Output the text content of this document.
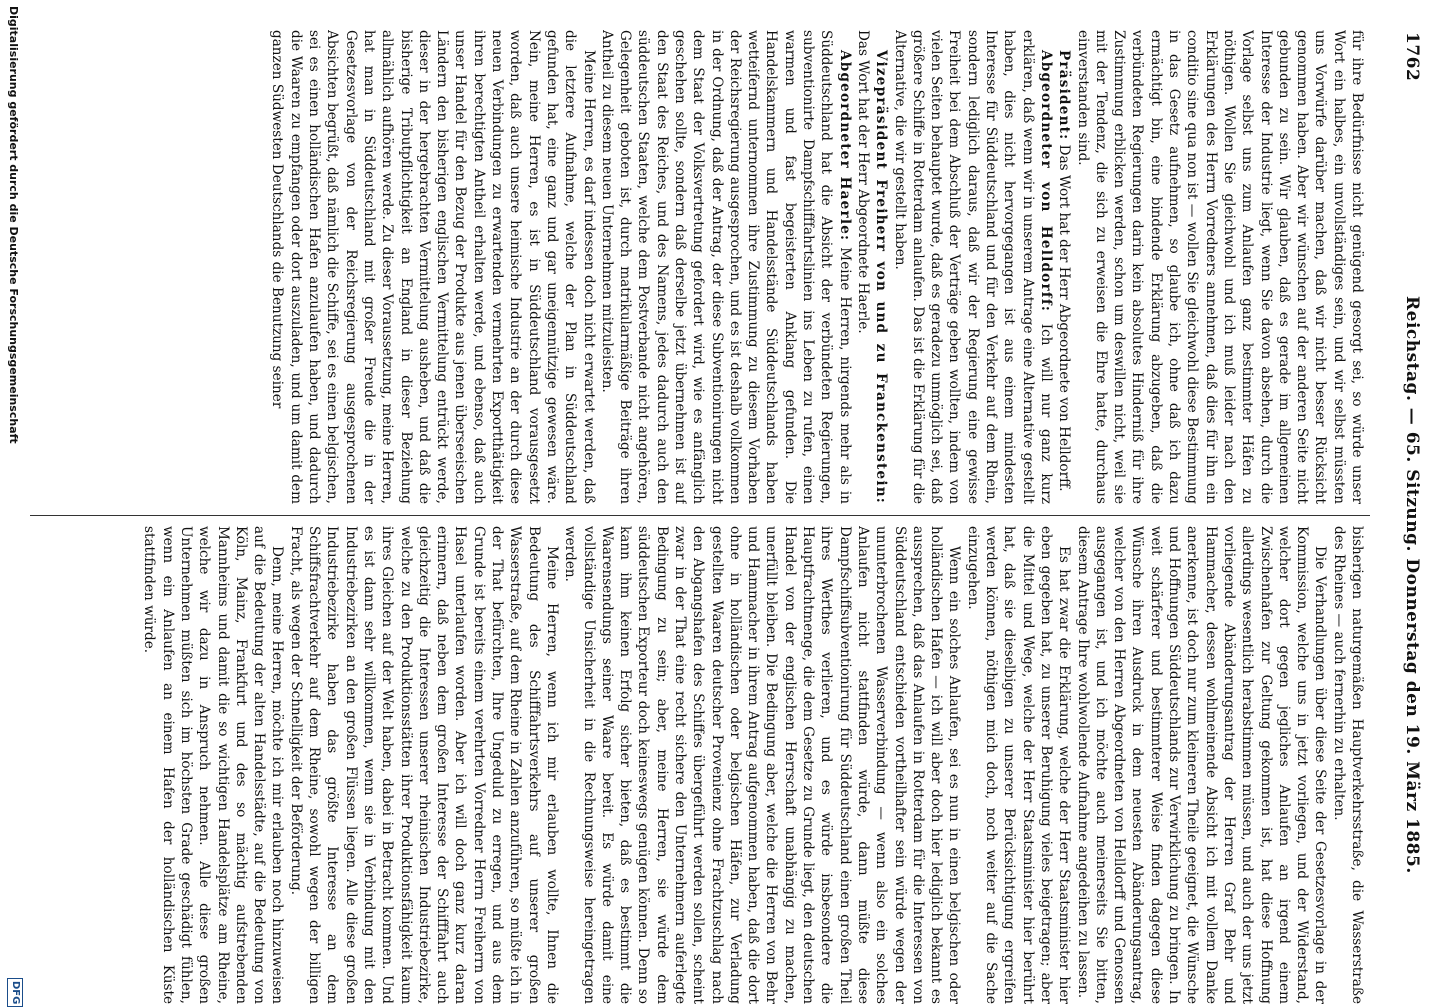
1762
Reichstag. — 65. Sitzung. Donnerstag den 19. März 1885.

für ihre Bedürfnisse nicht genügend gesorgt sei, so würde unser Wort ein halbes, ein unvollständiges sein, und wir selbst müssten uns Vorwürfe darüber machen, daß wir nicht besser Rücksicht genommen haben. Aber wir wünschen auf der anderen Seite nicht gebunden zu sein. Wir glauben, daß es gerade im allgemeinen Interesse der Industrie liegt, wenn Sie davon absehen, durch die Vorlage selbst uns zum Anlaufen ganz bestimmter Häfen zu nöthigen. Wollen Sie gleichwohl und ich muß leider nach den Erklärungen des Herrn Vorredners annehmen, daß dies für ihn ein conditio sine qua non ist — wollen Sie gleichwohl diese Bestimmung in das Gesetz aufnehmen, so glaube ich, ohne daß ich dazu ermächtigt bin, eine bindende Erklärung abzugeben, daß die verbündeten Regierungen darin kein absolutes Hinderniß für ihre Zustimmung erblicken werden, schon um deswillen nicht, weil sie mit der Tendenz, die sich zu erweisen die Ehre hatte, durchaus einverstanden sind.

Präsident: Das Wort hat der Herr Abgeordnete von Helldorff.

Abgeordneter von Helldorff: Ich will nur ganz kurz erklären, daß wenn wir in unserem Antrage eine Alternative gestellt haben, dies nicht hervorgegangen ist aus einem mindesten Interesse für Süddeutschland und für den Verkehr auf dem Rhein, sondern lediglich daraus, daß wir der Regierung eine gewisse Freiheit bei dem Abschluß der Verträge geben wollten, indem von vielen Seiten behauptet wurde, daß es geradezu unmöglich sei, daß größere Schiffe in Rotterdam anlaufen. Das ist die Erklärung für die Alternative, die wir gestellt haben.

Vizepräsident Freiherr von und zu Franckenstein: Das Wort hat der Herr Abgeordnete Haerle.

Abgeordneter Haerle: Meine Herren, nirgends mehr als in Süddeutschland hat die Absicht der verbündeten Regierungen, subventionirte Dampfschifffahrtslinien ins Leben zu rufen, einen warmen und fast begeisterten Anklang gefunden. Die Handelskammern und Handelsstände Süddeutschlands haben wetteifernd unternommen ihre Zustimmung zu diesem Vorhaben der Reichsregierung ausgesprochen, und es ist deshalb vollkommen in der Ordnung, daß der Antrag, der diese Subventionirungen nicht dem Staat der Volksvertretung gefordert wird, wie es anfänglich geschehen sollte, sondern daß derselbe jetzt übernehmen ist auf den Staat des Reiches, und des Namens, jedes dadurch auch den süddeutschen Staaten, welche dem Postverbande nicht angehören, Gelegenheit geboten ist, durch matrikularmäßige Beiträge ihren Antheil zu diesem neuen Unternehmen mitzuleisten.

Meine Herren, es darf indessen doch nicht erwartet werden, daß die letztere Aufnahme, welche der Plan in Süddeutschland gefunden hat, eine ganz und gar uneigennützige gewesen wäre. Nein, meine Herren, es ist in Süddeutschland vorausgesetzt worden, daß auch unsere heimische Industrie an der durch diese neuen Verbindungen zu erwartenden vermehrten Exportthätigkeit ihren berechtigten Antheil erhalten werde, und ebenso, daß auch unser Handel für den Bezug der Produkte aus jenen überseeischen Ländern den bisherigen englischen Vermittelung entrückt werde, dieser in der hergebrachten Vermittelung ausheben, und daß die bisherige Tributpflichtigkeit an England in dieser Beziehung allmählich aufhören werde. Zu dieser Voraussetzung, meine Herren, hat man in Süddeutschland mit großer Freude die in der Gesetzesvorlage von der Reichsregierung ausgesprochenen Absichten begrüßt, daß nämlich die Schiffe, sei es einen belgischen, sei es einen holländischen Hafen anzulaufen haben, und dadurch die Waaren zu empfangen oder dort auszuladen, und um damit dem ganzen Südwesten Deutschlands die Benutzung seiner

bisherigen naturgemäßen Hauptverkehrsstraße, die Wasserstraße des Rheines — auch fernerhin zu erhalten.

Die Verhandlungen über diese Seite der Gesetzesvorlage in der Kommission, welche uns in jetzt vorliegen, und der Widerstand, welcher dort gegen jegliches Anlaufen an irgend einem Zwischenhafen zur Geltung gekommen ist, hat diese Hoffnung allerdings wesentlich herabstimmen müssen, und auch der uns jetzt vorliegende Abänderungsantrag der Herren Graf Behr und Hammacher, dessen wohlmeinende Absicht ich mit vollem Danke anerkenne, ist doch nur zum kleineren Theile geeignet, die Wünsche und Hoffnungen Süddeutschlands zur Verwirklichung zu bringen. In weit schärferer und bestimmterer Weise finden dagegen diese Wünsche ihren Ausdruck in dem neuesten Abänderungsantrag, welcher von den Herren Abgeordneten von Helldorff und Genossen ausgegangen ist, und ich möchte auch meinerseits Sie bitten, diesem Antrage Ihre wohlwollende Aufnahme angedeihen zu lassen.

Es hat zwar die Erklärung, welche der Herr Staatsminister hier eben gegeben hat, zu unserer Beruhigung vieles beigetragen; aber die Mittel und Wege, welche der Herr Staatsminister hier berührt hat, daß sie dieselbigen zu unserer Berücksichtigung ergreifen werden können, nöthigen mich doch, noch weiter auf die Sache einzugehen.

Wenn ein solches Anlaufen, sei es nun in einen belgischen oder holländischen Hafen — ich will aber doch hier lediglich bekannt es aussprechen, daß das Anlaufen in Rotterdam für die Interessen von Süddeutschland entschieden vortheilhafter sein würde wegen der ununterbrochenen Wasserverbindung — wenn also ein solches Anlaufen nicht stattfinden würde, dann müßte diese Dampfschiffsubventionirung für Süddeutschland einen großen Theil ihres Werthes verlieren, und es würde insbesondere die Hauptfrachtmenge, die dem Gesetze zu Grunde liegt, den deutschen Handel von der englischen Herrschaft unabhängig zu machen, unerfüllt bleiben. Die Bedingung aber, welche die Herren von Behr und Hammacher in ihrem Antrag aufgenommen haben, daß die dort ohne in holländischen oder belgischen Häfen, zur Verladung gestellten Waaren deutscher Provenienz ohne Frachtzuschlag nach den Abgangshafen des Schiffes übergeführt werden sollen, scheint zwar in der That eine recht sichere den Unternehmern auferlegte Bedingung zu sein; aber, meine Herren, sie würde dem süddeutschen Exporteur doch keineswegs genügen können. Denn so kann ihm keinen Erfolg sicher bieten, daß es bestimmt die Waarensendungs seiner Waare bereit. Es würde damit eine vollständige Unsicherheit in die Rechnungsweise hereingetragen werden.

Meine Herren, wenn ich mir erlauben wollte, Ihnen die Bedeutung des Schifffahrtsverkehrs auf unserer großen Wasserstraße, auf dem Rheine in Zahlen anzuführen, so müßte ich in der That befürchten, Ihre Ungeduld zu erregen, und aus dem Grunde ist bereits einem verehrten Vorredner Herrn Freiherrn von Hasel unterlaufen worden. Aber ich will doch ganz kurz daran erinnern, daß neben dem großen Interesse der Schifffahrt auch gleichzeitig die Interessen unserer rheinischen Industriebezirke, welche zu den Produktionsstätten ihrer Produktionsfähigkeit kaum ihres Gleichen auf der Welt haben, dabei in Betracht kommen. Und es ist dann sehr willkommen, wenn sie in Verbindung mit den Industriebezirken an den großen Flüssen liegen. Alle diese großen Industriebezirke haben das größte Interesse an dem Schiffsfrachtverkehr auf dem Rheine, sowohl wegen der billigen Fracht, als wegen der Schnelligkeit der Beförderung.

Denn, meine Herren, möchte ich mir erlauben noch hinzuweisen auf die Bedeutung der alten Handelsstädte, auf die Bedeutung von Köln, Mainz, Frankfurt und des so mächtig aufstrebenden Mannheims und damit die so wichtigen Handelsplätze am Rheine, welche wir dazu in Anspruch nehmen. Alle diese großen Unternehmen müßten sich im höchsten Grade geschädigt fühlen, wenn ein Anlaufen an einem Hafen der holländischen Küste stattfinden würde.

Digitalisierung gefördert durch die Deutsche Forschungsgemeinschaft
DFG
